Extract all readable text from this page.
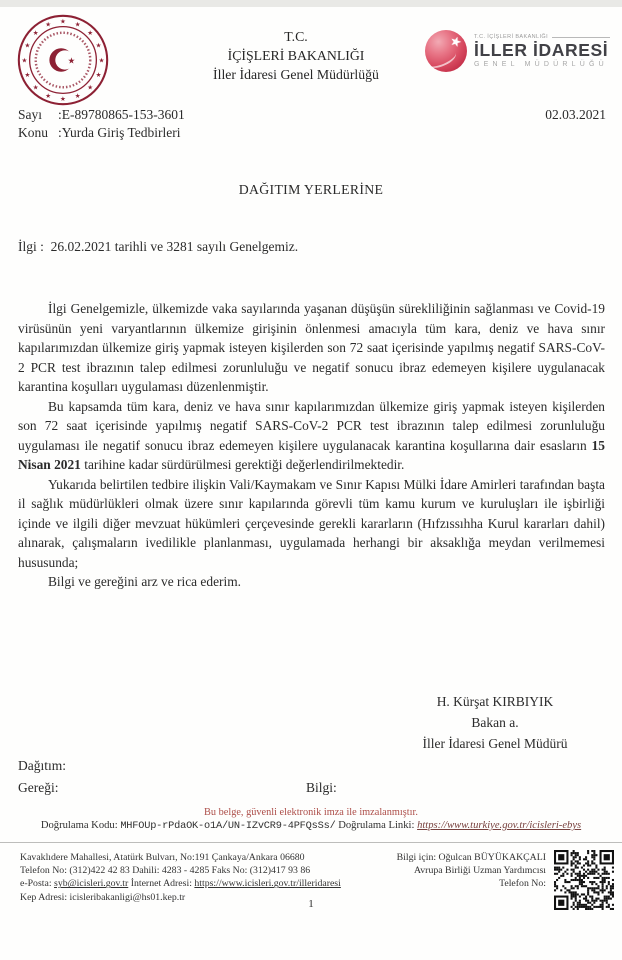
★ ★
★
★
★
★
★
★
★
★
★
★
★
★
★
★
★
T.C.
İÇİŞLERİ BAKANLIĞI
İller İdaresi Genel Müdürlüğü
★ T.C. İÇİŞLERİ BAKANLIĞI
İLLER İDARESİ
GENEL MÜDÜRLÜĞÜ
Sayı	:E-89780865-153-3601
Konu :Yurda Giriş Tedbirleri
02.03.2021
DAĞITIM YERLERİNE
İlgi :  26.02.2021 tarihli ve 3281 sayılı Genelgemiz.

İlgi Genelgemizle, ülkemizde vaka sayılarında yaşanan düşüşün sürekliliğinin sağlanması ve Covid-19 virüsünün yeni varyantlarının ülkemize girişinin önlenmesi amacıyla tüm kara, deniz ve hava sınır kapılarımızdan ülkemize giriş yapmak isteyen kişilerden son 72 saat içerisinde yapılmış negatif SARS-CoV-2 PCR test ibrazının talep edilmesi zorunluluğu ve negatif sonucu ibraz edemeyen kişilere uygulanacak karantina koşulları uygulaması düzenlenmiştir.

Bu kapsamda tüm kara, deniz ve hava sınır kapılarımızdan ülkemize giriş yapmak isteyen kişilerden son 72 saat içerisinde yapılmış negatif SARS-CoV-2 PCR test ibrazının talep edilmesi zorunluluğu uygulaması ile negatif sonucu ibraz edemeyen kişilere uygulanacak karantina koşullarına dair esasların 15 Nisan 2021 tarihine kadar sürdürülmesi gerektiği değerlendirilmektedir.

Yukarıda belirtilen tedbire ilişkin Vali/Kaymakam ve Sınır Kapısı Mülki İdare Amirleri tarafından başta il sağlık müdürlükleri olmak üzere sınır kapılarında görevli tüm kamu kurum ve kuruluşları ile işbirliği içinde ve ilgili diğer mevzuat hükümleri çerçevesinde gerekli kararların (Hıfzıssıhha Kurul kararları dahil) alınarak, çalışmaların ivedilikle planlanması, uygulamada herhangi bir aksaklığa meydan verilmemesi hususunda;

Bilgi ve gereğini arz ve rica ederim.

H. Kürşat KIRBIYIK
Bakan a.
İller İdaresi Genel Müdürü
Dağıtım:
Gereği:	Bilgi:
Bu belge, güvenli elektronik imza ile imzalanmıştır.
Doğrulama Kodu: MHFOUp-rPdaOK-o1A/UN-IZvCR9-4PFQsSs/ Doğrulama Linki: https://www.turkiye.gov.tr/icisleri-ebys
Kavaklıdere Mahallesi, Atatürk Bulvarı, No:191 Çankaya/Ankara 06680
Telefon No: (312)422 42 83 Dahili: 4283 - 4285 Faks No: (312)417 93 86
e-Posta: syb@icisleri.gov.tr İnternet Adresi: https://www.icisleri.gov.tr/illeridaresi
Kep Adresi: icisleribakanligi@hs01.kep.tr
Bilgi için: Oğulcan BÜYÜKAKÇALI
Avrupa Birliği Uzman Yardımcısı
Telefon No:
1
